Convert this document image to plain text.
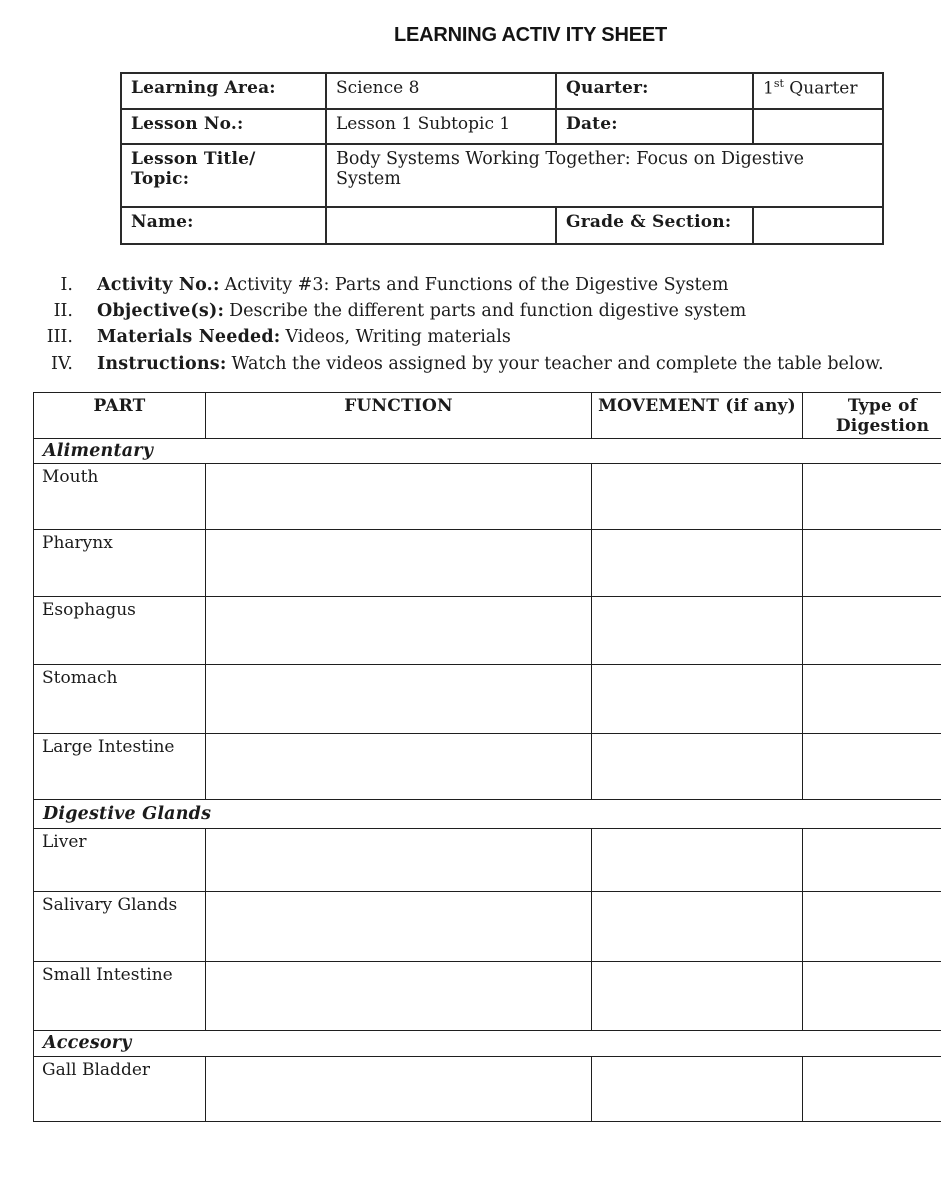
LEARNING ACTIV ITY SHEET
Learning Area:	Science 8	Quarter:	1st Quarter
Lesson No.:	Lesson 1 Subtopic 1	Date:	

Lesson Title/
Topic:	Body Systems Working Together: Focus on Digestive System		

Name:		Grade & Section:	
I. Activity No.: Activity #3: Parts and Functions of the Digestive System
II. Objective(s): Describe the different parts and function digestive system
III. Materials Needed: Videos, Writing materials
IV. Instructions: Watch the videos assigned by your teacher and complete the table below.
PART	FUNCTION	MOVEMENT (if any)	Type of Digestion

Alimentary			
Mouth			
Pharynx			
Esophagus			
Stomach			
Large Intestine			
Digestive Glands			
Liver			
Salivary Glands			
Small Intestine			
Accesory			
Gall Bladder			
